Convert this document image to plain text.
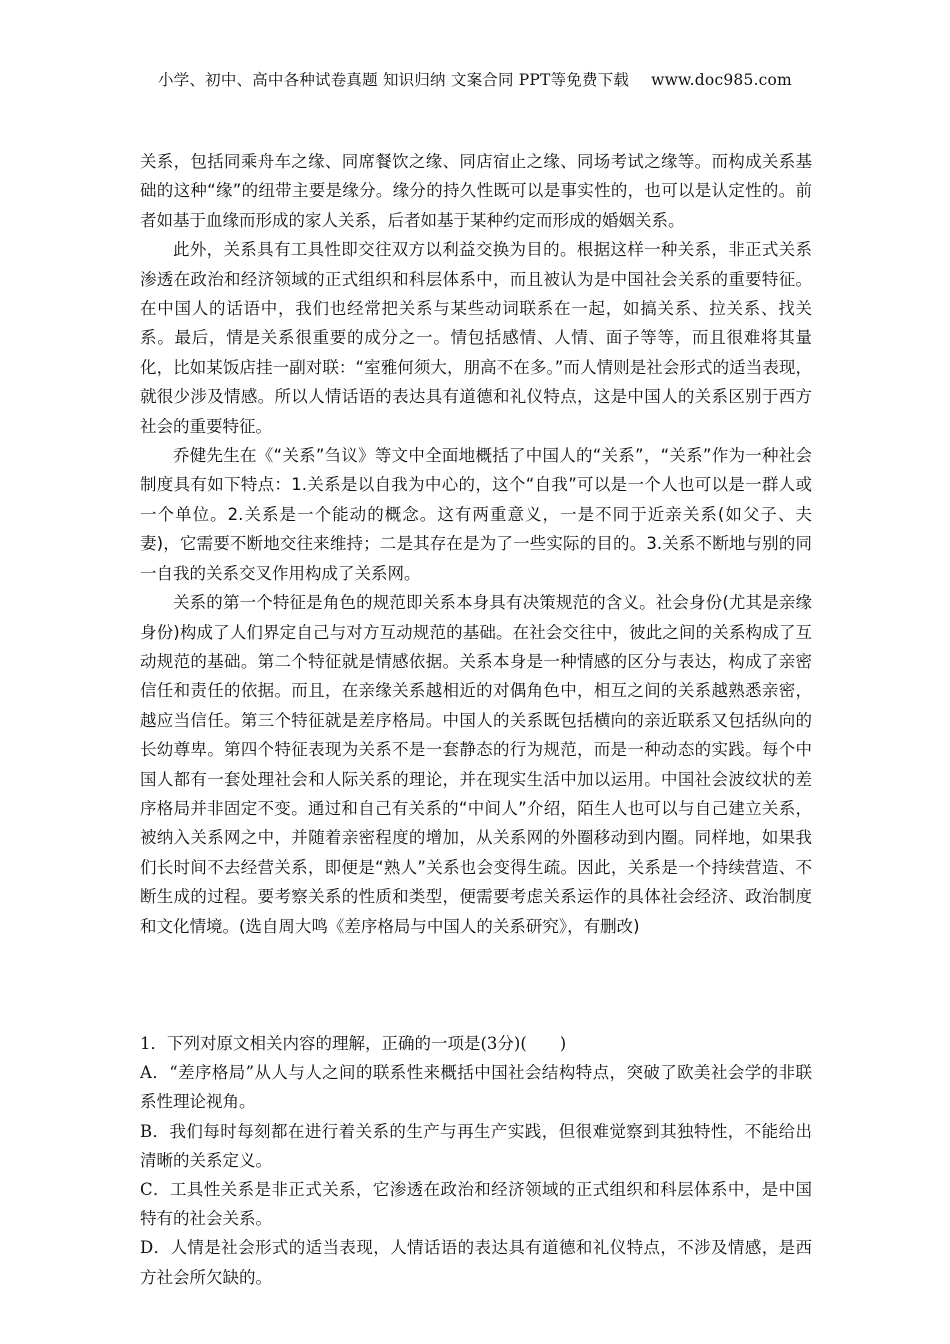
小学、初中、高中各种试卷真题 知识归纳 文案合同 PPT等免费下载 www.doc985.com

关系，包括同乘舟车之缘、同席餐饮之缘、同店宿止之缘、同场考试之缘等。而构成关系基础的这种“缘”的纽带主要是缘分。缘分的持久性既可以是事实性的，也可以是认定性的。前者如基于血缘而形成的家人关系，后者如基于某种约定而形成的婚姻关系。

此外，关系具有工具性即交往双方以利益交换为目的。根据这样一种关系，非正式关系渗透在政治和经济领域的正式组织和科层体系中，而且被认为是中国社会关系的重要特征。在中国人的话语中，我们也经常把关系与某些动词联系在一起，如搞关系、拉关系、找关系。最后，情是关系很重要的成分之一。情包括感情、人情、面子等等，而且很难将其量化，比如某饭店挂一副对联：“室雅何须大，朋高不在多。”而人情则是社会形式的适当表现，就很少涉及情感。所以人情话语的表达具有道德和礼仪特点，这是中国人的关系区别于西方社会的重要特征。

乔健先生在《“关系”刍议》等文中全面地概括了中国人的“关系”，“关系”作为一种社会制度具有如下特点：1.关系是以自我为中心的，这个“自我”可以是一个人也可以是一群人或一个单位。2.关系是一个能动的概念。这有两重意义，一是不同于近亲关系(如父子、夫妻)，它需要不断地交往来维持；二是其存在是为了一些实际的目的。3.关系不断地与别的同一自我的关系交叉作用构成了关系网。

关系的第一个特征是角色的规范即关系本身具有决策规范的含义。社会身份(尤其是亲缘身份)构成了人们界定自己与对方互动规范的基础。在社会交往中，彼此之间的关系构成了互动规范的基础。第二个特征就是情感依据。关系本身是一种情感的区分与表达，构成了亲密信任和责任的依据。而且，在亲缘关系越相近的对偶角色中，相互之间的关系越熟悉亲密，越应当信任。第三个特征就是差序格局。中国人的关系既包括横向的亲近联系又包括纵向的长幼尊卑。第四个特征表现为关系不是一套静态的行为规范，而是一种动态的实践。每个中国人都有一套处理社会和人际关系的理论，并在现实生活中加以运用。中国社会波纹状的差序格局并非固定不变。通过和自己有关系的“中间人”介绍，陌生人也可以与自己建立关系，被纳入关系网之中，并随着亲密程度的增加，从关系网的外圈移动到内圈。同样地，如果我们长时间不去经营关系，即便是“熟人”关系也会变得生疏。因此，关系是一个持续营造、不断生成的过程。要考察关系的性质和类型，便需要考虑关系运作的具体社会经济、政治制度和文化情境。(选自周大鸣《差序格局与中国人的关系研究》，有删改)

1．下列对原文相关内容的理解，正确的一项是(3分)(　　)

A．“差序格局”从人与人之间的联系性来概括中国社会结构特点，突破了欧美社会学的非联系性理论视角。

B．我们每时每刻都在进行着关系的生产与再生产实践，但很难觉察到其独特性，不能给出清晰的关系定义。

C．工具性关系是非正式关系，它渗透在政治和经济领域的正式组织和科层体系中，是中国特有的社会关系。

D．人情是社会形式的适当表现，人情话语的表达具有道德和礼仪特点，不涉及情感，是西方社会所欠缺的。
